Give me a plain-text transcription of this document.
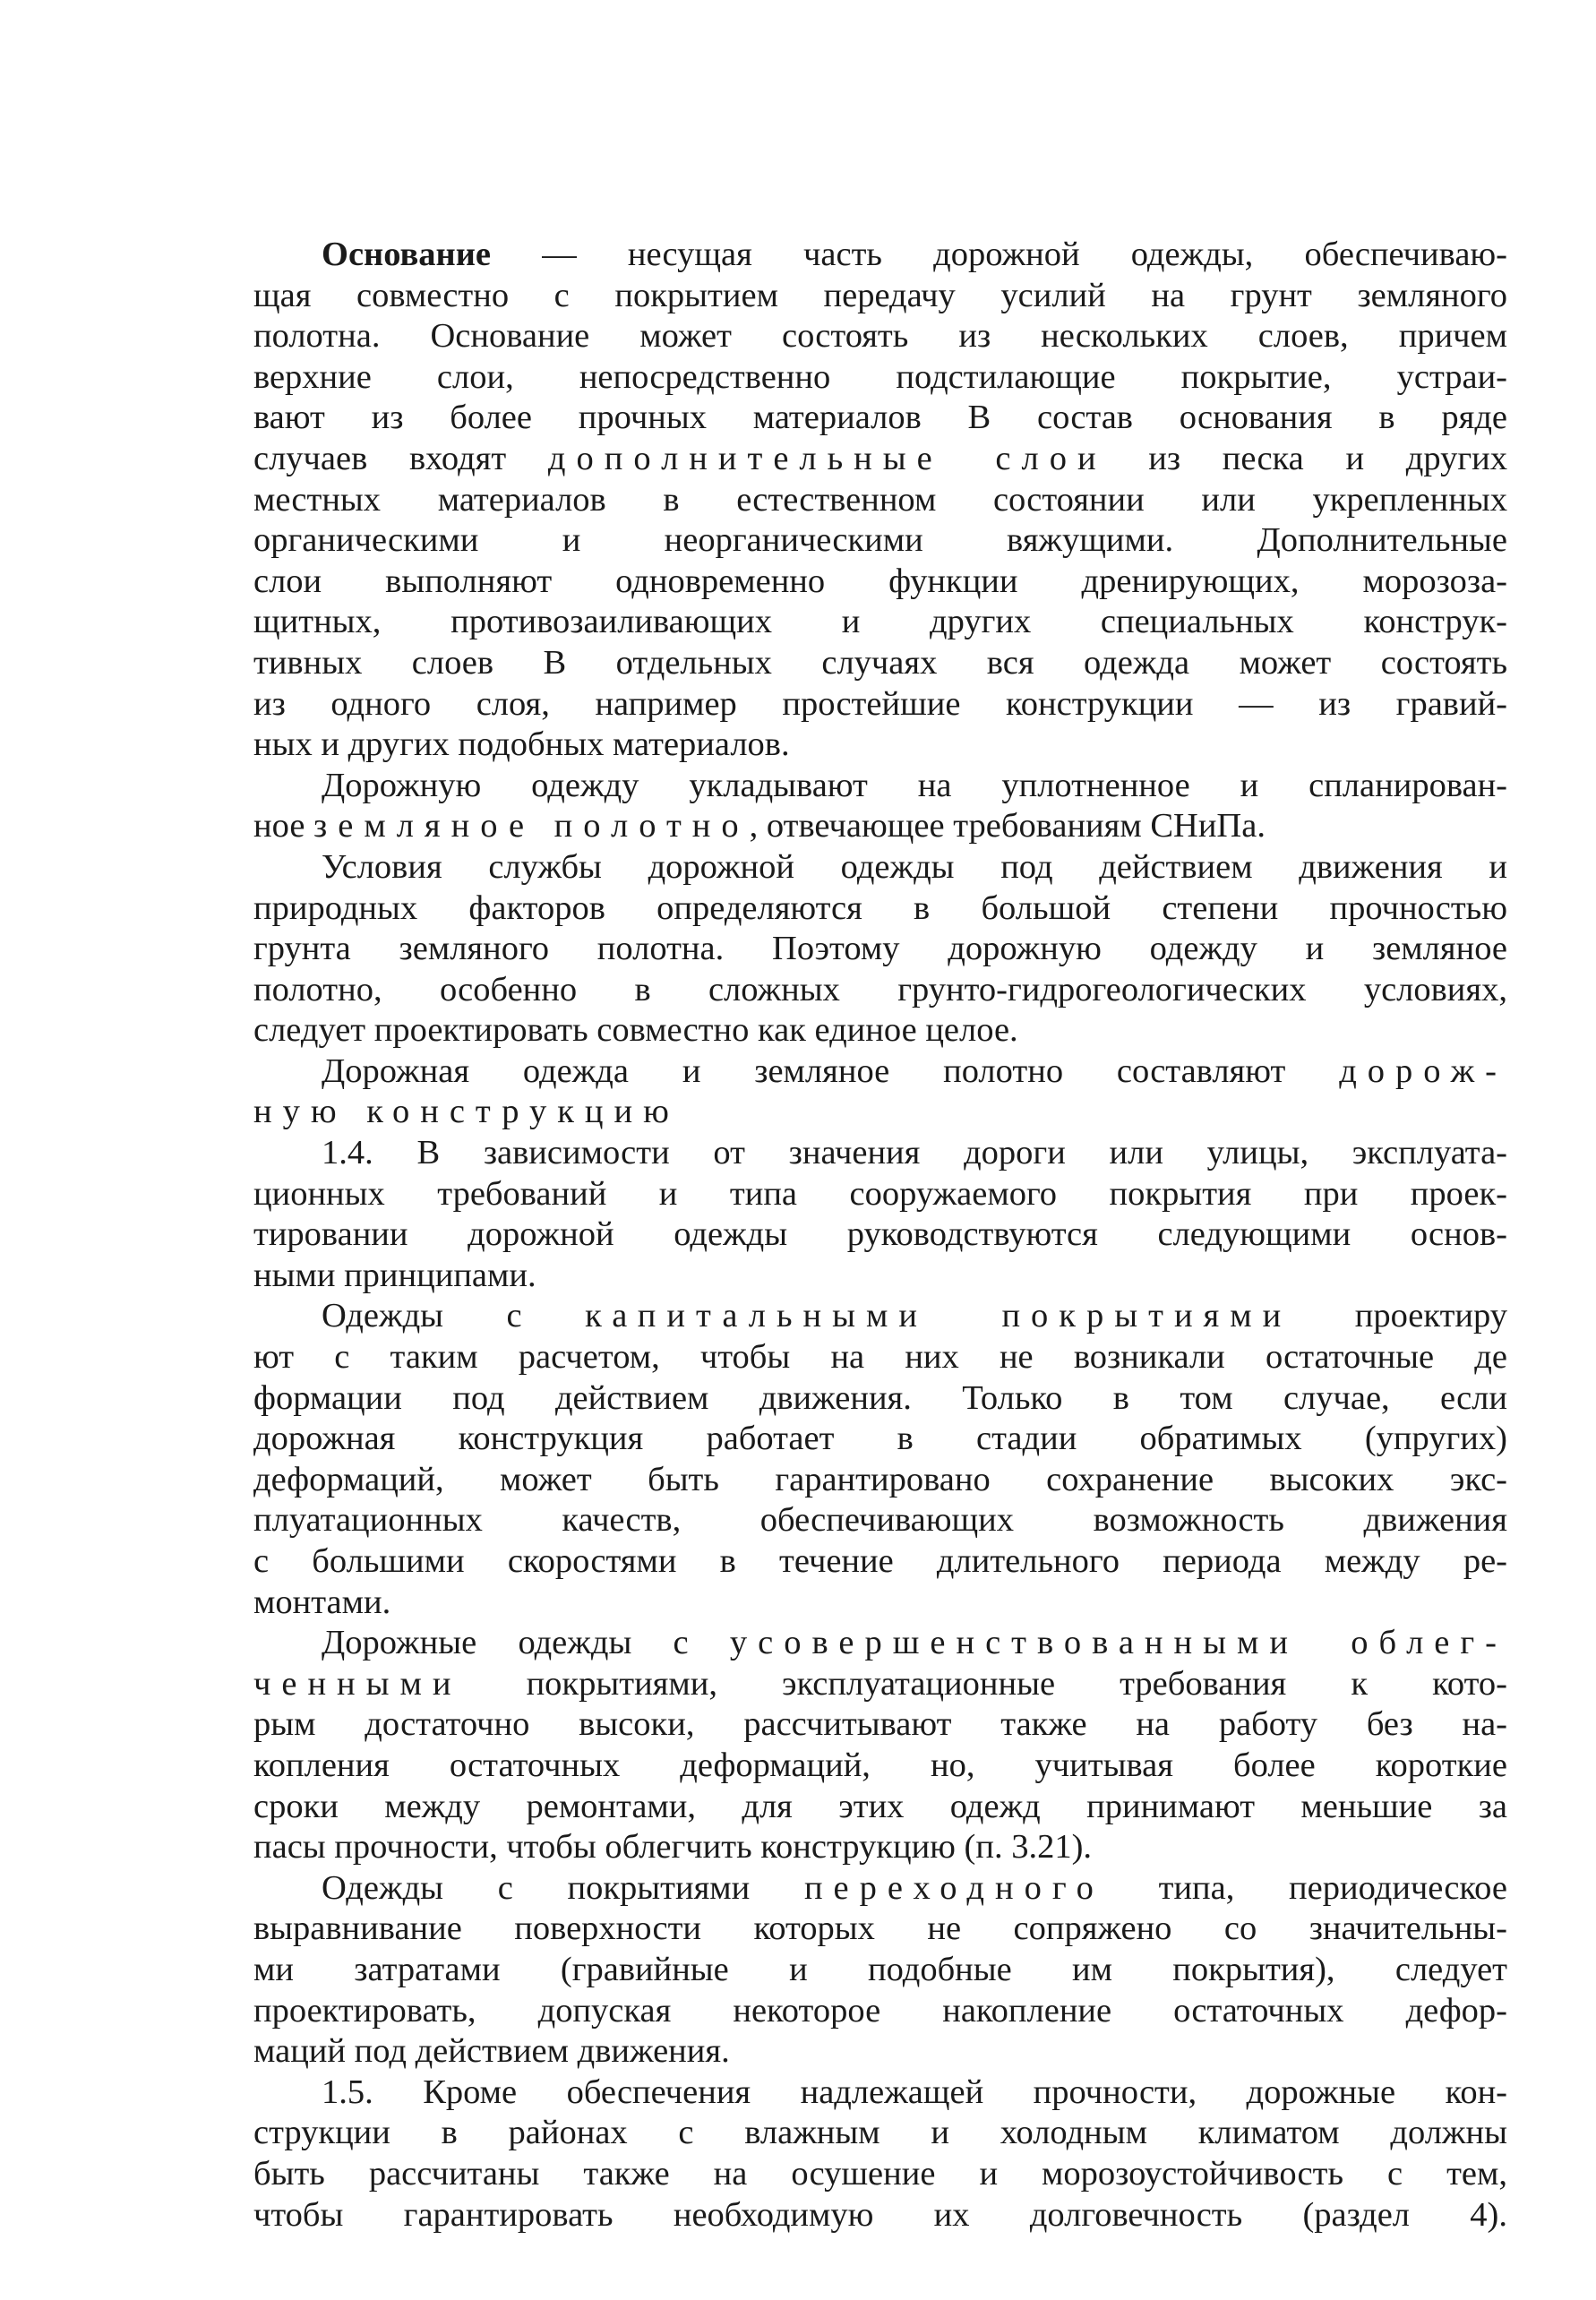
Основание — несущая часть дорожной одежды, обеспечиваю-
щая совместно с покрытием передачу усилий на грунт земляного
полотна. Основание может состоять из нескольких слоев, причем
верхние слои, непосредственно подстилающие покрытие, устраи-
вают из более прочных материалов В состав основания в ряде
случаев входят дополнительные слои из песка и других
местных материалов в естественном состоянии или укрепленных
органическими и неорганическими вяжущими. Дополнительные
слои выполняют одновременно функции дренирующих, морозоза-
щитных, противозаиливающих и других специальных конструк-
тивных слоев В отдельных случаях вся одежда может состоять
из одного слоя, например простейшие конструкции — из гравий-
ных и других подобных материалов.
Дорожную одежду укладывают на уплотненное и спланирован-
ное земляное полотно, отвечающее требованиям СНиПа.
Условия службы дорожной одежды под действием движения и
природных факторов определяются в большой степени прочностью
грунта земляного полотна. Поэтому дорожную одежду и земляное
полотно, особенно в сложных грунто-гидрогеологических условиях,
следует проектировать совместно как единое целое.
Дорожная одежда и земляное полотно составляют дорож-
ную конструкцию
1.4. В зависимости от значения дороги или улицы, эксплуата-
ционных требований и типа сооружаемого покрытия при проек-
тировании дорожной одежды руководствуются следующими основ-
ными принципами.
Одежды с капитальными покрытиями проектиру
ют с таким расчетом, чтобы на них не возникали остаточные де
формации под действием движения. Только в том случае, если
дорожная конструкция работает в стадии обратимых (упругих)
деформаций, может быть гарантировано сохранение высоких экс-
плуатационных качеств, обеспечивающих возможность движения
с большими скоростями в течение длительного периода между ре-
монтами.
Дорожные одежды с усовершенствованными облег-
ченными покрытиями, эксплуатационные требования к кото-
рым достаточно высоки, рассчитывают также на работу без на-
копления остаточных деформаций, но, учитывая более короткие
сроки между ремонтами, для этих одежд принимают меньшие за
пасы прочности, чтобы облегчить конструкцию (п. 3.21).
Одежды с покрытиями переходного типа, периодическое
выравнивание поверхности которых не сопряжено со значительны-
ми затратами (гравийные и подобные им покрытия), следует
проектировать, допуская некоторое накопление остаточных дефор-
маций под действием движения.
1.5. Кроме обеспечения надлежащей прочности, дорожные кон-
струкции в районах с влажным и холодным климатом должны
быть рассчитаны также на осушение и морозоустойчивость с тем,
чтобы гарантировать необходимую их долговечность (раздел 4).
